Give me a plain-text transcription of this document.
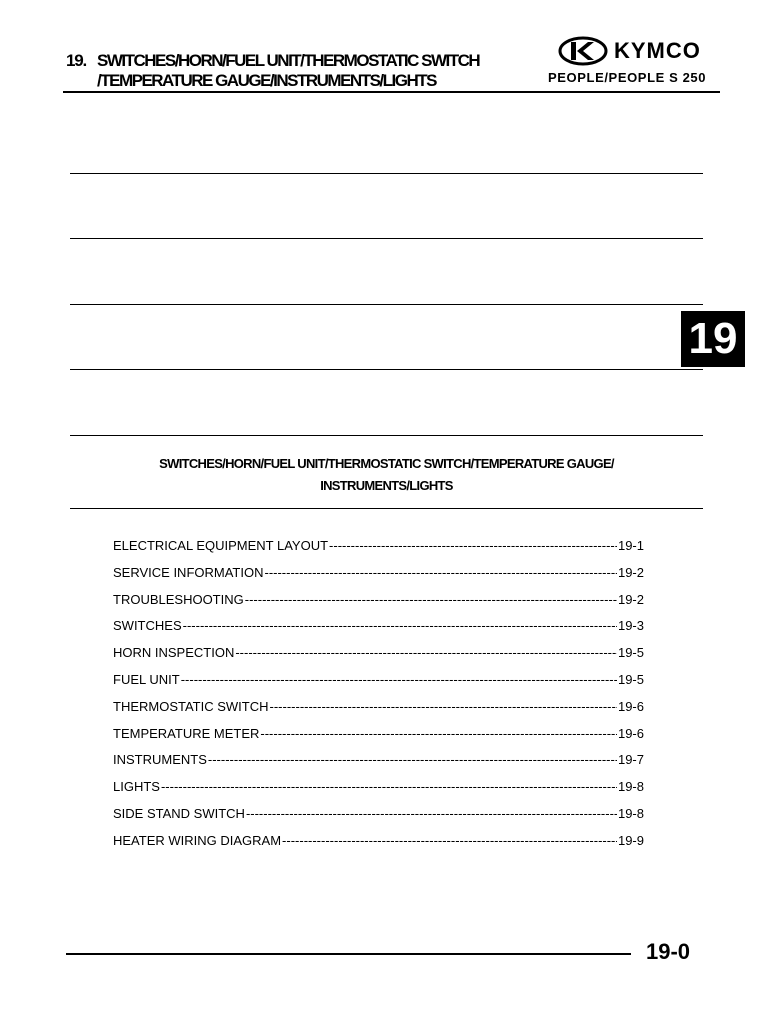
19. SWITCHES/HORN/FUEL UNIT/THERMOSTATIC SWITCH
/TEMPERATURE GAUGE/INSTRUMENTS/LIGHTS
KYMCO
PEOPLE/PEOPLE S 250
19
SWITCHES/HORN/FUEL UNIT/THERMOSTATIC SWITCH/TEMPERATURE GAUGE/
INSTRUMENTS/LIGHTS
ELECTRICAL EQUIPMENT LAYOUT -----	19-1
SERVICE INFORMATION -----	19-2
TROUBLESHOOTING -----	19-2
SWITCHES -----	19-3
HORN INSPECTION -----	19-5
FUEL UNIT -----	19-5
THERMOSTATIC SWITCH -----	19-6
TEMPERATURE METER -----	19-6
INSTRUMENTS -----	19-7
LIGHTS -----	19-8
SIDE STAND SWITCH -----	19-8
HEATER WIRING DIAGRAM -----	19-9
19-0
